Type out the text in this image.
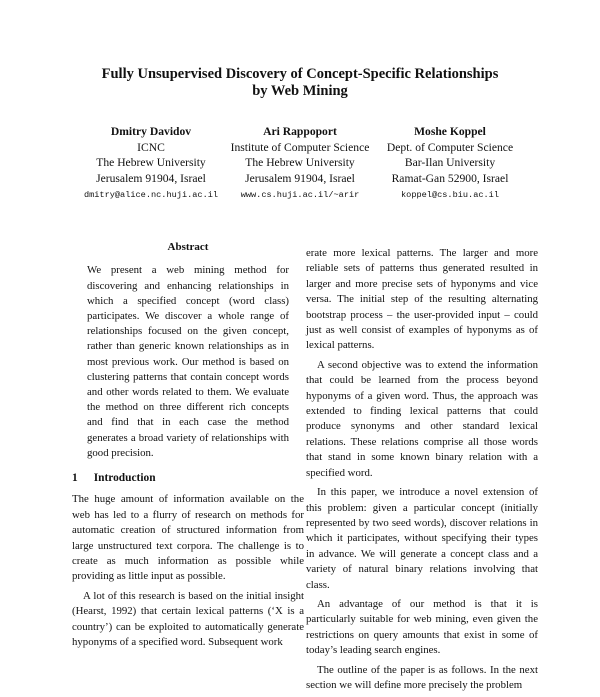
Fully Unsupervised Discovery of Concept-Specific Relationships
by Web Mining
Dmitry Davidov
ICNC
The Hebrew University
Jerusalem 91904, Israel
dmitry@alice.nc.huji.ac.il
Ari Rappoport
Institute of Computer Science
The Hebrew University
Jerusalem 91904, Israel
www.cs.huji.ac.il/~arir
Moshe Koppel
Dept. of Computer Science
Bar-Ilan University
Ramat-Gan 52900, Israel
koppel@cs.biu.ac.il
Abstract
We present a web mining method for discovering and enhancing relationships in which a specified concept (word class) participates. We discover a whole range of relationships focused on the given concept, rather than generic known relationships as in most previous work. Our method is based on clustering patterns that contain concept words and other words related to them. We evaluate the method on three different rich concepts and find that in each case the method generates a broad variety of relationships with good precision.
1 Introduction

The huge amount of information available on the web has led to a flurry of research on methods for automatic creation of structured information from large unstructured text corpora. The challenge is to create as much information as possible while providing as little input as possible.

A lot of this research is based on the initial insight (Hearst, 1992) that certain lexical patterns (‘X is a country’) can be exploited to automatically generate hyponyms of a specified word. Subsequent work

erate more lexical patterns. The larger and more reliable sets of patterns thus generated resulted in larger and more precise sets of hyponyms and vice versa. The initial step of the resulting alternating bootstrap process – the user-provided input – could just as well consist of examples of hyponyms as of lexical patterns.

A second objective was to extend the information that could be learned from the process beyond hyponyms of a given word. Thus, the approach was extended to finding lexical patterns that could produce synonyms and other standard lexical relations. These relations comprise all those words that stand in some known binary relation with a specified word.

In this paper, we introduce a novel extension of this problem: given a particular concept (initially represented by two seed words), discover relations in which it participates, without specifying their types in advance. We will generate a concept class and a variety of natural binary relations involving that class.

An advantage of our method is that it is particularly suitable for web mining, even given the restrictions on query amounts that exist in some of today’s leading search engines.

The outline of the paper is as follows. In the next section we will define more precisely the problem
